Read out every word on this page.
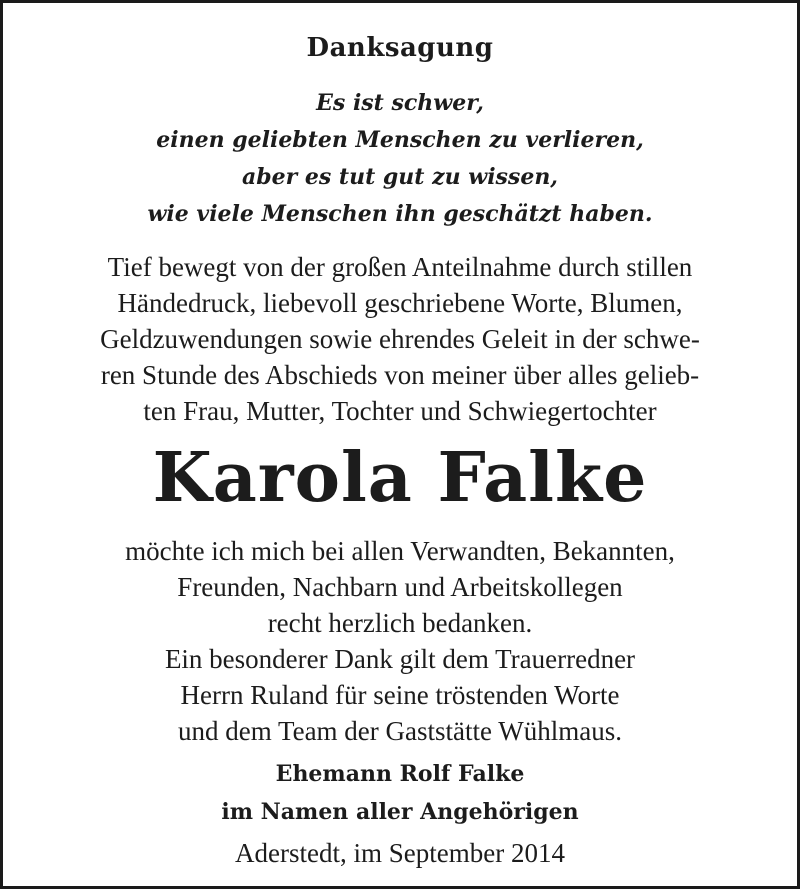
Danksagung
Es ist schwer,
einen geliebten Menschen zu verlieren,
aber es tut gut zu wissen,
wie viele Menschen ihn geschätzt haben.
Tief bewegt von der großen Anteilnahme durch stillen
Händedruck, liebevoll geschriebene Worte, Blumen,
Geldzuwendungen sowie ehrendes Geleit in der schwe-
ren Stunde des Abschieds von meiner über alles gelieb-
ten Frau, Mutter, Tochter und Schwiegertochter
Karola Falke
möchte ich mich bei allen Verwandten, Bekannten,
Freunden, Nachbarn und Arbeitskollegen
recht herzlich bedanken.
Ein besonderer Dank gilt dem Trauerredner
Herrn Ruland für seine tröstenden Worte
und dem Team der Gaststätte Wühlmaus.
Ehemann Rolf Falke
im Namen aller Angehörigen
Aderstedt, im September 2014
